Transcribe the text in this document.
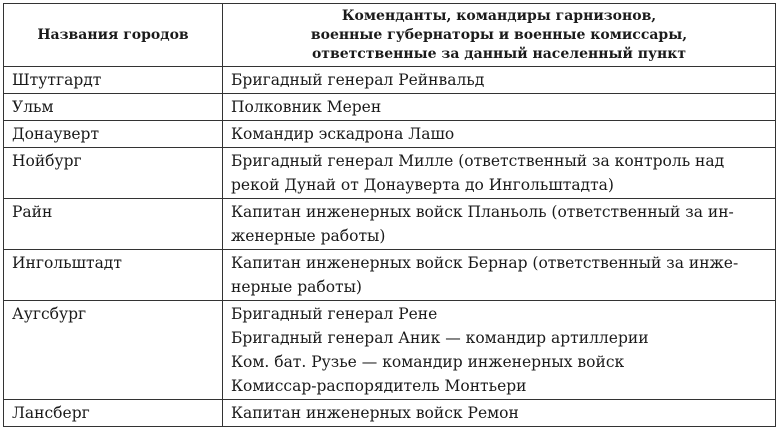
Названия городов	Коменданты, командиры гарнизонов,
военные губернаторы и военные комиссары,
ответственные за данный населенный пункт

Штутгардт	Бригадный генерал Рейнвальд

Ульм	Полковник Мерен

Донауверт	Командир эскадрона Лашо

Нойбург	Бригадный генерал Милле (ответственный за контроль над
рекой Дунай от Донауверта до Ингольштадта)

Райн	Капитан инженерных войск Планьоль (ответственный за ин-
женерные работы)

Ингольштадт	Капитан инженерных войск Бернар (ответственный за инже-
нерные работы)

Аугсбург	Бригадный генерал Рене
Бригадный генерал Аник — командир артиллерии
Ком. бат. Рузье — командир инженерных войск
Комиссар-распорядитель Монтьери

Лансберг	Капитан инженерных войск Ремон
